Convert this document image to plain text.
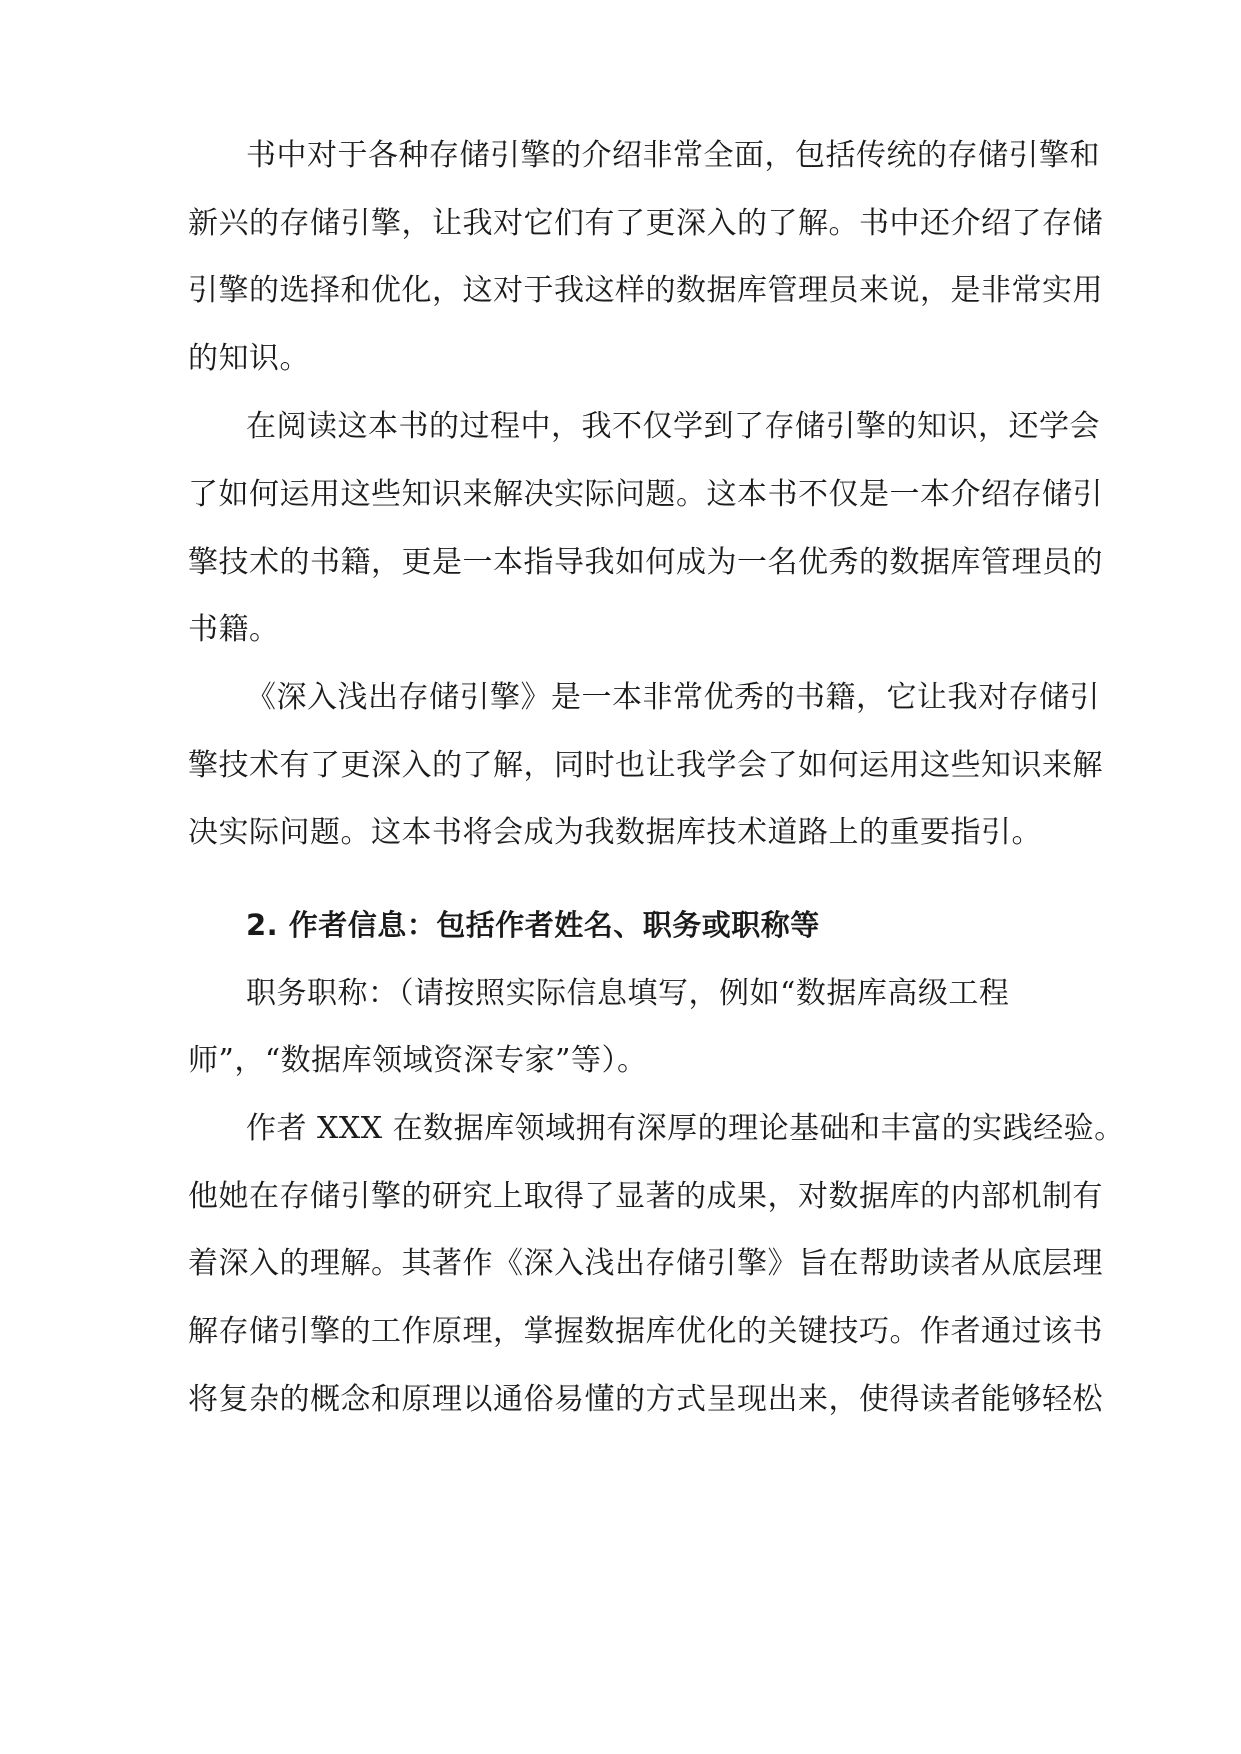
书中对于各种存储引擎的介绍非常全面，包括传统的存储引擎和
新兴的存储引擎，让我对它们有了更深入的了解。书中还介绍了存储
引擎的选择和优化，这对于我这样的数据库管理员来说，是非常实用
的知识。
在阅读这本书的过程中，我不仅学到了存储引擎的知识，还学会
了如何运用这些知识来解决实际问题。这本书不仅是一本介绍存储引
擎技术的书籍，更是一本指导我如何成为一名优秀的数据库管理员的
书籍。
《深入浅出存储引擎》是一本非常优秀的书籍，它让我对存储引
擎技术有了更深入的了解，同时也让我学会了如何运用这些知识来解
决实际问题。这本书将会成为我数据库技术道路上的重要指引。
2. 作者信息：包括作者姓名、职务或职称等
职务职称：（请按照实际信息填写，例如“数据库高级工程
师”，“数据库领域资深专家”等）。
作者 XXX 在数据库领域拥有深厚的理论基础和丰富的实践经验。
他她在存储引擎的研究上取得了显著的成果，对数据库的内部机制有
着深入的理解。其著作《深入浅出存储引擎》旨在帮助读者从底层理
解存储引擎的工作原理，掌握数据库优化的关键技巧。作者通过该书
将复杂的概念和原理以通俗易懂的方式呈现出来，使得读者能够轻松
